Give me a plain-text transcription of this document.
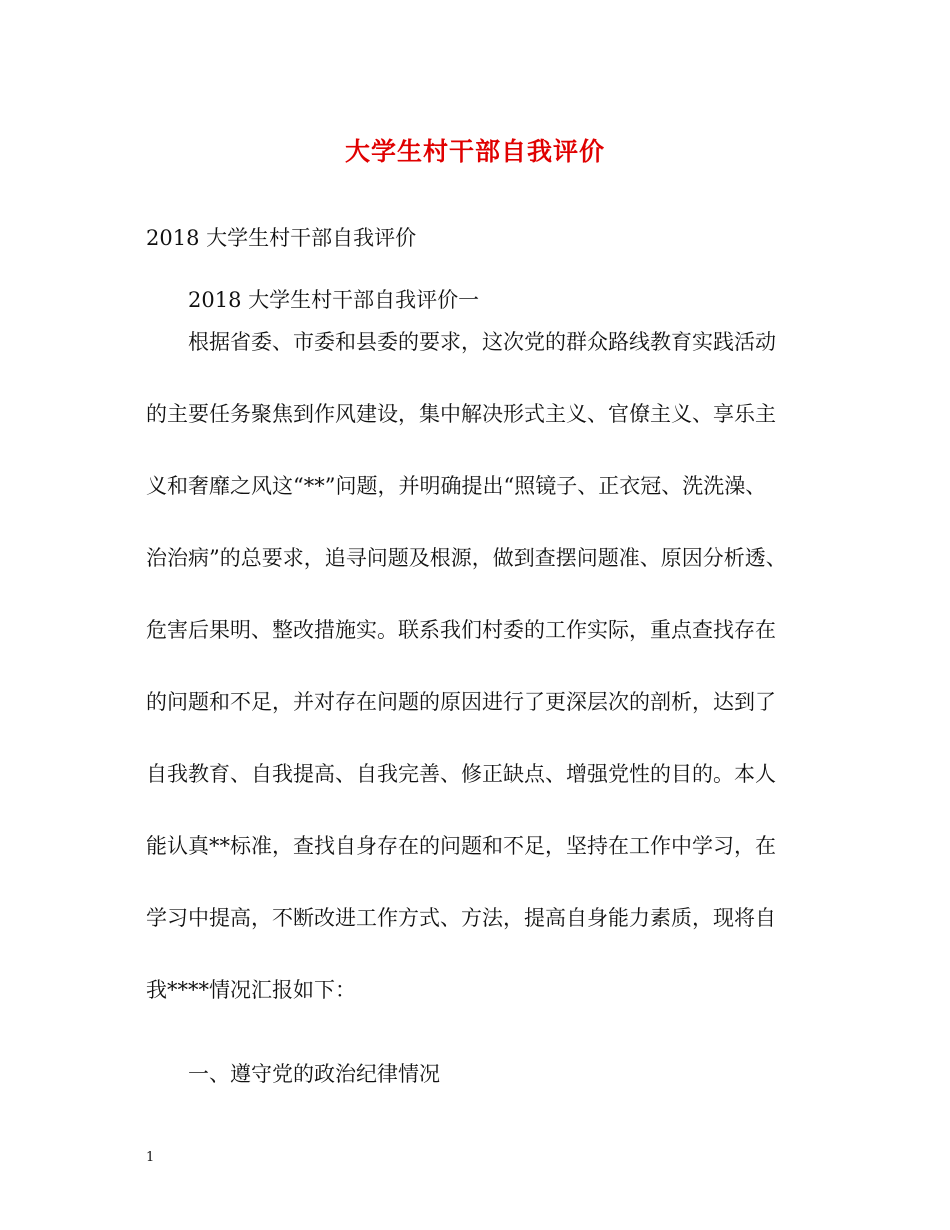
大学生村干部自我评价
2018 大学生村干部自我评价
2018 大学生村干部自我评价一
根据省委、市委和县委的要求，这次党的群众路线教育实践活动
的主要任务聚焦到作风建设，集中解决形式主义、官僚主义、享乐主
义和奢靡之风这“**”问题，并明确提出“照镜子、正衣冠、洗洗澡、
治治病”的总要求，追寻问题及根源，做到查摆问题准、原因分析透、
危害后果明、整改措施实。联系我们村委的工作实际，重点查找存在
的问题和不足，并对存在问题的原因进行了更深层次的剖析，达到了
自我教育、自我提高、自我完善、修正缺点、增强党性的目的。本人
能认真**标准，查找自身存在的问题和不足，坚持在工作中学习，在
学习中提高，不断改进工作方式、方法，提高自身能力素质，现将自
我****情况汇报如下：
一、遵守党的政治纪律情况
1
